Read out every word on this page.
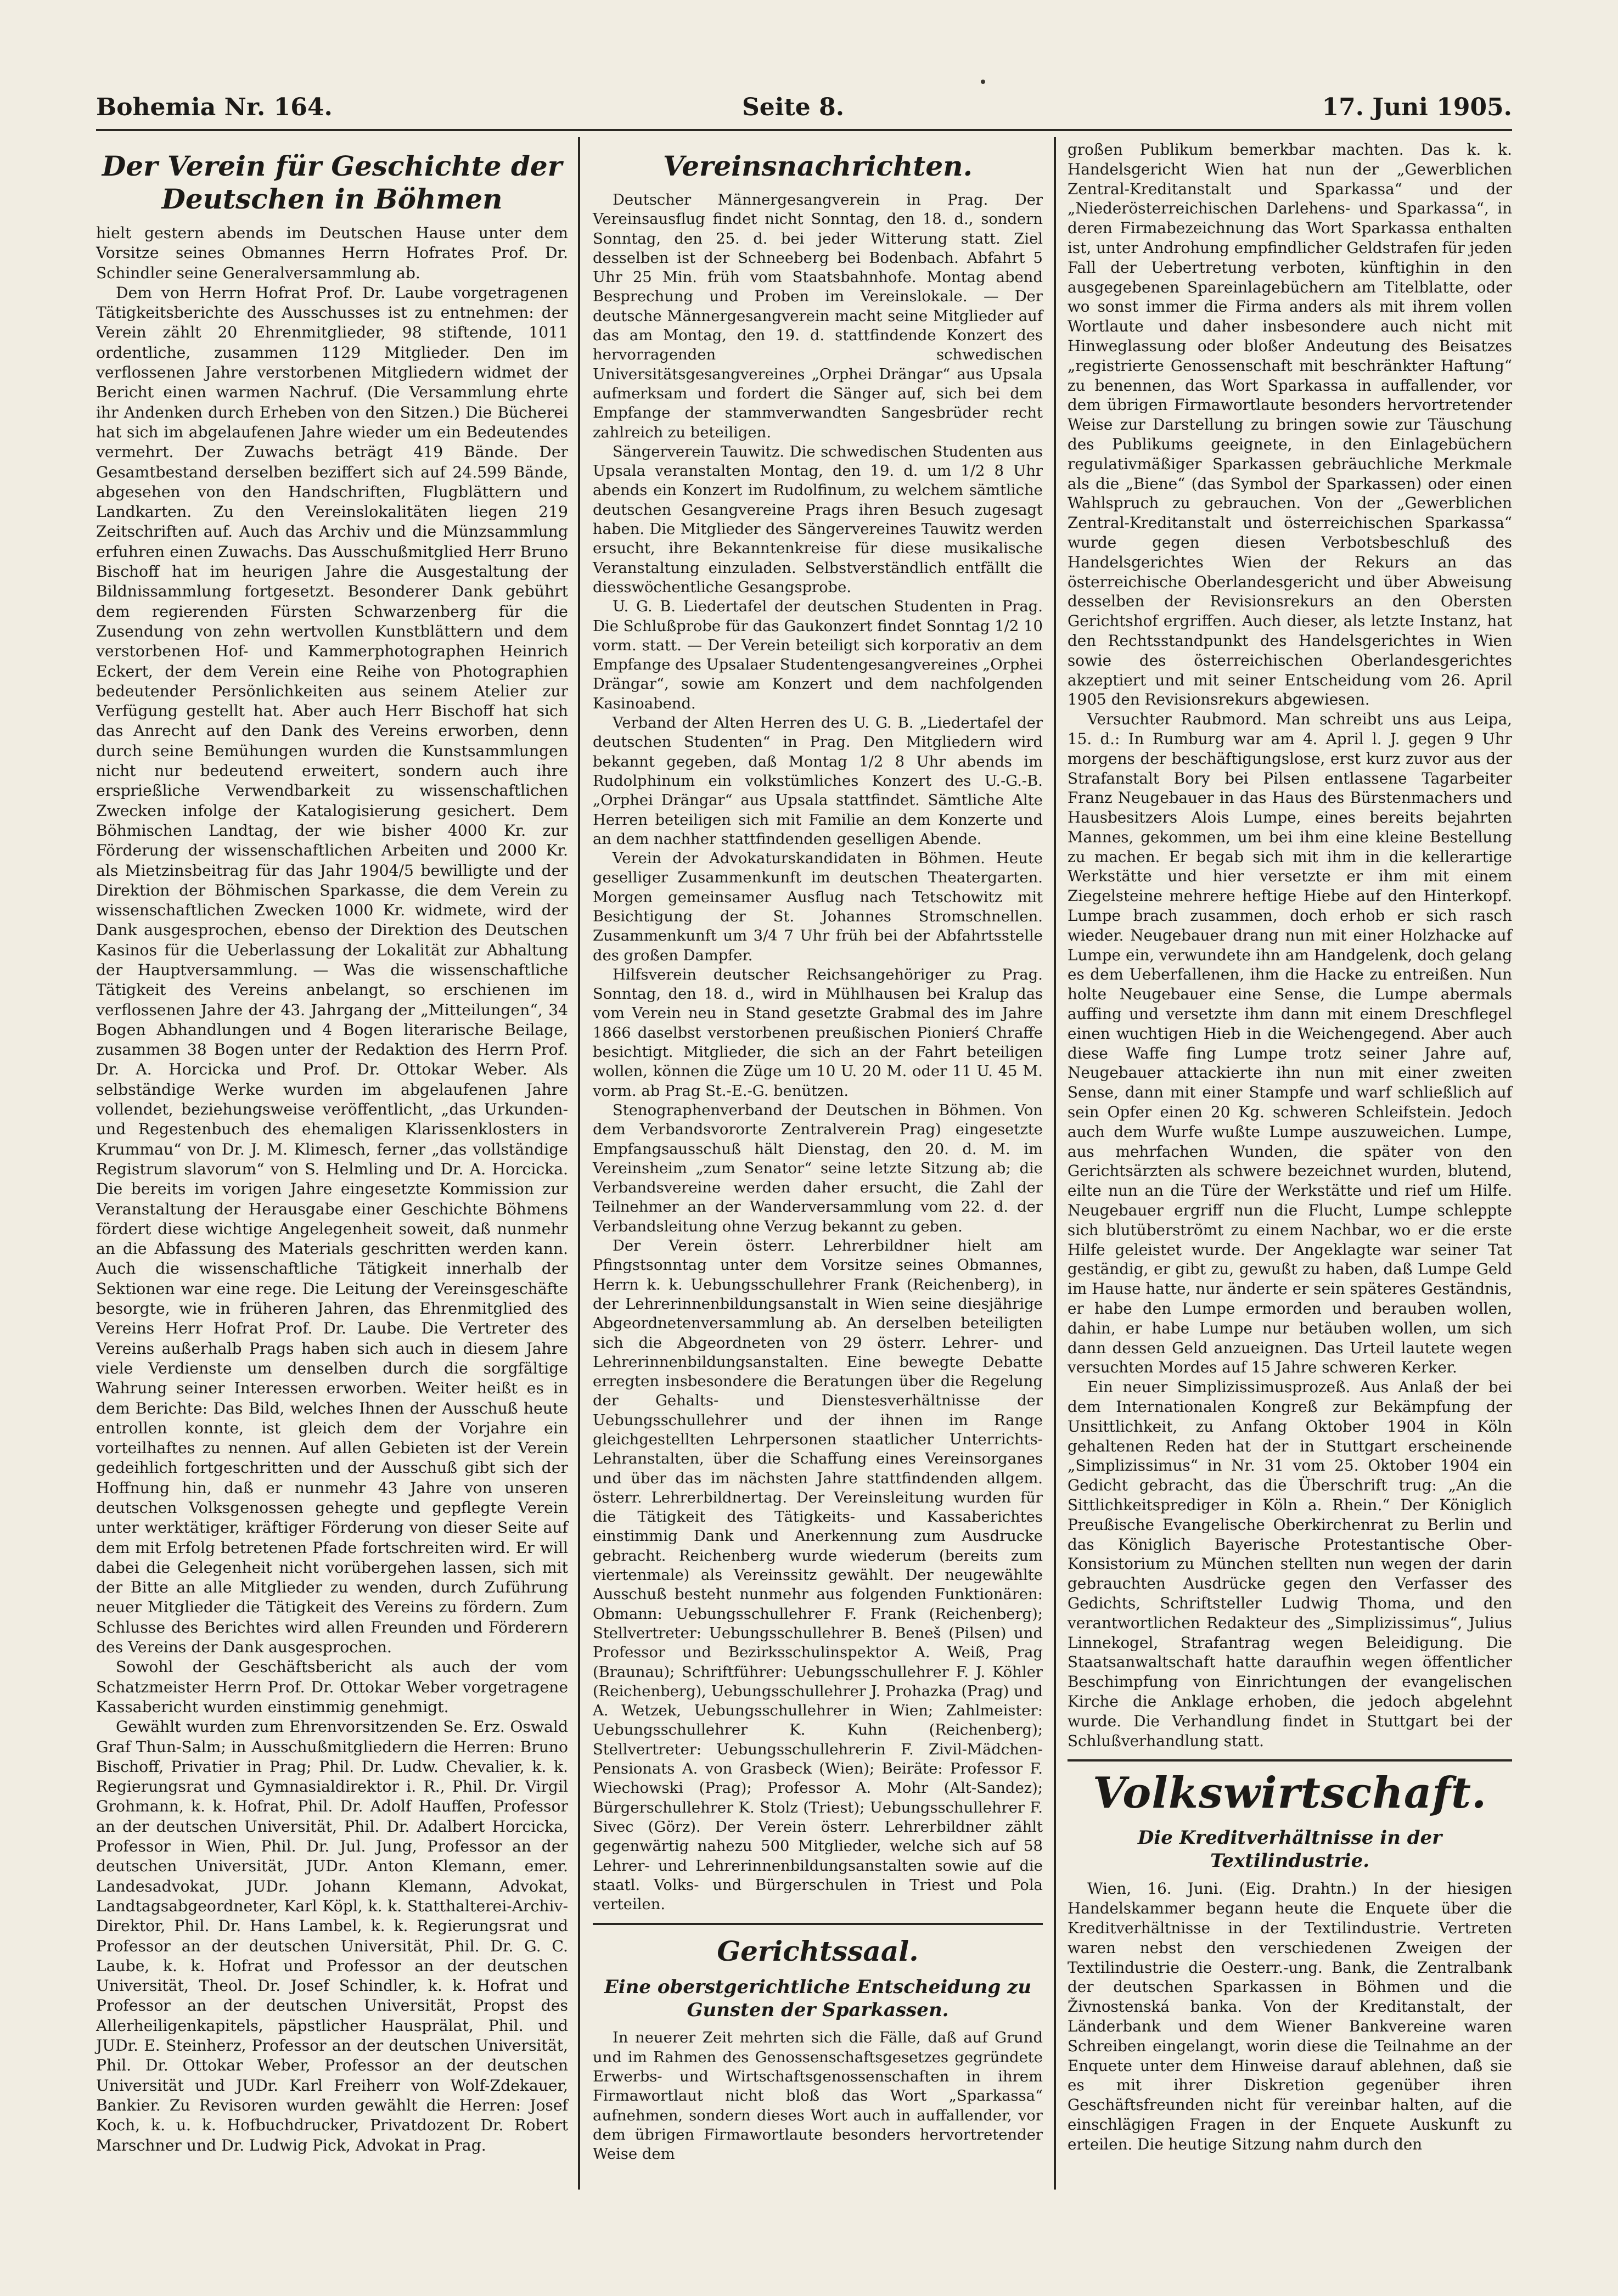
Bohemia Nr. 164.	Seite 8.	17. Juni 1905.
Der Verein für Geschichte der Deutschen in Böhmen

hielt gestern abends im Deutschen Hause unter dem Vorsitze seines Obmannes Herrn Hofrates Prof. Dr. Schindler seine Generalversammlung ab.

Dem von Herrn Hofrat Prof. Dr. Laube vorgetragenen Tätigkeitsberichte des Ausschusses ist zu entnehmen: der Verein zählt 20 Ehrenmitglieder, 98 stiftende, 1011 ordentliche, zusammen 1129 Mitglieder. Den im verflossenen Jahre verstorbenen Mitgliedern widmet der Bericht einen warmen Nachruf. (Die Versammlung ehrte ihr Andenken durch Erheben von den Sitzen.) Die Bücherei hat sich im abgelaufenen Jahre wieder um ein Bedeutendes vermehrt. Der Zuwachs beträgt 419 Bände. Der Gesamtbestand derselben beziffert sich auf 24.599 Bände, abgesehen von den Handschriften, Flugblättern und Landkarten. Zu den Vereinslokalitäten liegen 219 Zeitschriften auf. Auch das Archiv und die Münzsammlung erfuhren einen Zuwachs. Das Ausschußmitglied Herr Bruno Bischoff hat im heurigen Jahre die Ausgestaltung der Bildnissammlung fortgesetzt. Besonderer Dank gebührt dem regierenden Fürsten Schwarzenberg für die Zusendung von zehn wertvollen Kunstblättern und dem verstorbenen Hof- und Kammerphotographen Heinrich Eckert, der dem Verein eine Reihe von Photographien bedeutender Persönlichkeiten aus seinem Atelier zur Verfügung gestellt hat. Aber auch Herr Bischoff hat sich das Anrecht auf den Dank des Vereins erworben, denn durch seine Bemühungen wurden die Kunstsammlungen nicht nur bedeutend erweitert, sondern auch ihre ersprießliche Verwendbarkeit zu wissenschaftlichen Zwecken infolge der Katalogisierung gesichert. Dem Böhmischen Landtag, der wie bisher 4000 Kr. zur Förderung der wissenschaftlichen Arbeiten und 2000 Kr. als Mietzinsbeitrag für das Jahr 1904/5 bewilligte und der Direktion der Böhmischen Sparkasse, die dem Verein zu wissenschaftlichen Zwecken 1000 Kr. widmete, wird der Dank ausgesprochen, ebenso der Direktion des Deutschen Kasinos für die Ueberlassung der Lokalität zur Abhaltung der Hauptversammlung. — Was die wissenschaftliche Tätigkeit des Vereins anbelangt, so erschienen im verflossenen Jahre der 43. Jahrgang der „Mitteilungen“, 34 Bogen Abhandlungen und 4 Bogen literarische Beilage, zusammen 38 Bogen unter der Redaktion des Herrn Prof. Dr. A. Horcicka und Prof. Dr. Ottokar Weber. Als selbständige Werke wurden im abgelaufenen Jahre vollendet, beziehungsweise veröffentlicht, „das Urkunden- und Regestenbuch des ehemaligen Klarissenklosters in Krummau“ von Dr. J. M. Klimesch, ferner „das vollständige Registrum slavorum“ von S. Helmling und Dr. A. Horcicka. Die bereits im vorigen Jahre eingesetzte Kommission zur Veranstaltung der Herausgabe einer Geschichte Böhmens fördert diese wichtige Angelegenheit soweit, daß nunmehr an die Abfassung des Materials geschritten werden kann. Auch die wissenschaftliche Tätigkeit innerhalb der Sektionen war eine rege. Die Leitung der Vereinsgeschäfte besorgte, wie in früheren Jahren, das Ehrenmitglied des Vereins Herr Hofrat Prof. Dr. Laube. Die Vertreter des Vereins außerhalb Prags haben sich auch in diesem Jahre viele Verdienste um denselben durch die sorgfältige Wahrung seiner Interessen erworben. Weiter heißt es in dem Berichte: Das Bild, welches Ihnen der Ausschuß heute entrollen konnte, ist gleich dem der Vorjahre ein vorteilhaftes zu nennen. Auf allen Gebieten ist der Verein gedeihlich fortgeschritten und der Ausschuß gibt sich der Hoffnung hin, daß er nunmehr 43 Jahre von unseren deutschen Volksgenossen gehegte und gepflegte Verein unter werktätiger, kräftiger Förderung von dieser Seite auf dem mit Erfolg betretenen Pfade fortschreiten wird. Er will dabei die Gelegenheit nicht vorübergehen lassen, sich mit der Bitte an alle Mitglieder zu wenden, durch Zuführung neuer Mitglieder die Tätigkeit des Vereins zu fördern. Zum Schlusse des Berichtes wird allen Freunden und Förderern des Vereins der Dank ausgesprochen.

Sowohl der Geschäftsbericht als auch der vom Schatzmeister Herrn Prof. Dr. Ottokar Weber vorgetragene Kassabericht wurden einstimmig genehmigt.

Gewählt wurden zum Ehrenvorsitzenden Se. Erz. Oswald Graf Thun-Salm; in Ausschußmitgliedern die Herren: Bruno Bischoff, Privatier in Prag; Phil. Dr. Ludw. Chevalier, k. k. Regierungsrat und Gymnasialdirektor i. R., Phil. Dr. Virgil Grohmann, k. k. Hofrat, Phil. Dr. Adolf Hauffen, Professor an der deutschen Universität, Phil. Dr. Adalbert Horcicka, Professor in Wien, Phil. Dr. Jul. Jung, Professor an der deutschen Universität, JUDr. Anton Klemann, emer. Landesadvokat, JUDr. Johann Klemann, Advokat, Landtagsabgeordneter, Karl Köpl, k. k. Statthalterei-Archiv-Direktor, Phil. Dr. Hans Lambel, k. k. Regierungsrat und Professor an der deutschen Universität, Phil. Dr. G. C. Laube, k. k. Hofrat und Professor an der deutschen Universität, Theol. Dr. Josef Schindler, k. k. Hofrat und Professor an der deutschen Universität, Propst des Allerheiligenkapitels, päpstlicher Hausprälat, Phil. und JUDr. E. Steinherz, Professor an der deutschen Universität, Phil. Dr. Ottokar Weber, Professor an der deutschen Universität und JUDr. Karl Freiherr von Wolf-Zdekauer, Bankier. Zu Revisoren wurden gewählt die Herren: Josef Koch, k. u. k. Hofbuchdrucker, Privatdozent Dr. Robert Marschner und Dr. Ludwig Pick, Advokat in Prag.

Vereinsnachrichten.

Deutscher Männergesangverein in Prag. Der Vereinsausflug findet nicht Sonntag, den 18. d., sondern Sonntag, den 25. d. bei jeder Witterung statt. Ziel desselben ist der Schneeberg bei Bodenbach. Abfahrt 5 Uhr 25 Min. früh vom Staatsbahnhofe. Montag abend Besprechung und Proben im Vereinslokale. — Der deutsche Männergesangverein macht seine Mitglieder auf das am Montag, den 19. d. stattfindende Konzert des hervorragenden schwedischen Universitätsgesangvereines „Orphei Drängar“ aus Upsala aufmerksam und fordert die Sänger auf, sich bei dem Empfange der stammverwandten Sangesbrüder recht zahlreich zu beteiligen.

Sängerverein Tauwitz. Die schwedischen Studenten aus Upsala veranstalten Montag, den 19. d. um 1/2 8 Uhr abends ein Konzert im Rudolfinum, zu welchem sämtliche deutschen Gesangvereine Prags ihren Besuch zugesagt haben. Die Mitglieder des Sängervereines Tauwitz werden ersucht, ihre Bekanntenkreise für diese musikalische Veranstaltung einzuladen. Selbstverständlich entfällt die diesswöchentliche Gesangsprobe.

U. G. B. Liedertafel der deutschen Studenten in Prag. Die Schlußprobe für das Gaukonzert findet Sonntag 1/2 10 vorm. statt. — Der Verein beteiligt sich korporativ an dem Empfange des Upsalaer Studentengesangvereines „Orphei Drängar“, sowie am Konzert und dem nachfolgenden Kasinoabend.

Verband der Alten Herren des U. G. B. „Liedertafel der deutschen Studenten“ in Prag. Den Mitgliedern wird bekannt gegeben, daß Montag 1/2 8 Uhr abends im Rudolphinum ein volkstümliches Konzert des U.-G.-B. „Orphei Drängar“ aus Upsala stattfindet. Sämtliche Alte Herren beteiligen sich mit Familie an dem Konzerte und an dem nachher stattfindenden geselligen Abende.

Verein der Advokaturskandidaten in Böhmen. Heute geselliger Zusammenkunft im deutschen Theatergarten. Morgen gemeinsamer Ausflug nach Tetschowitz mit Besichtigung der St. Johannes Stromschnellen. Zusammenkunft um 3/4 7 Uhr früh bei der Abfahrtsstelle des großen Dampfer.

Hilfsverein deutscher Reichsangehöriger zu Prag. Sonntag, den 18. d., wird in Mühlhausen bei Kralup das vom Verein neu in Stand gesetzte Grabmal des im Jahre 1866 daselbst verstorbenen preußischen Pionierś Chraffe besichtigt. Mitglieder, die sich an der Fahrt beteiligen wollen, können die Züge um 10 U. 20 M. oder 11 U. 45 M. vorm. ab Prag St.-E.-G. benützen.

Stenographenverband der Deutschen in Böhmen. Von dem Verbandsvororte Zentralverein Prag) eingesetzte Empfangsausschuß hält Dienstag, den 20. d. M. im Vereinsheim „zum Senator“ seine letzte Sitzung ab; die Verbandsvereine werden daher ersucht, die Zahl der Teilnehmer an der Wanderversammlung vom 22. d. der Verbandsleitung ohne Verzug bekannt zu geben.

Der Verein österr. Lehrerbildner hielt am Pfingstsonntag unter dem Vorsitze seines Obmannes, Herrn k. k. Uebungsschullehrer Frank (Reichenberg), in der Lehrerinnenbildungsanstalt in Wien seine diesjährige Abgeordnetenversammlung ab. An derselben beteiligten sich die Abgeordneten von 29 österr. Lehrer- und Lehrerinnenbildungsanstalten. Eine bewegte Debatte erregten insbesondere die Beratungen über die Regelung der Gehalts- und Dienstesverhältnisse der Uebungsschullehrer und der ihnen im Range gleichgestellten Lehrpersonen staatlicher Unterrichts-Lehranstalten, über die Schaffung eines Vereinsorganes und über das im nächsten Jahre stattfindenden allgem. österr. Lehrerbildnertag. Der Vereinsleitung wurden für die Tätigkeit des Tätigkeits- und Kassaberichtes einstimmig Dank und Anerkennung zum Ausdrucke gebracht. Reichenberg wurde wiederum (bereits zum viertenmale) als Vereinssitz gewählt. Der neugewählte Ausschuß besteht nunmehr aus folgenden Funktionären: Obmann: Uebungsschullehrer F. Frank (Reichenberg); Stellvertreter: Uebungsschullehrer B. Beneš (Pilsen) und Professor und Bezirksschulinspektor A. Weiß, Prag (Braunau); Schriftführer: Uebungsschullehrer F. J. Köhler (Reichenberg), Uebungsschullehrer J. Prohazka (Prag) und A. Wetzek, Uebungsschullehrer in Wien; Zahlmeister: Uebungsschullehrer K. Kuhn (Reichenberg); Stellvertreter: Uebungsschullehrerin F. Zivil-Mädchen-Pensionats A. von Grasbeck (Wien); Beiräte: Professor F. Wiechowski (Prag); Professor A. Mohr (Alt-Sandez); Bürgerschullehrer K. Stolz (Triest); Uebungsschullehrer F. Sivec (Görz). Der Verein österr. Lehrerbildner zählt gegenwärtig nahezu 500 Mitglieder, welche sich auf 58 Lehrer- und Lehrerinnenbildungsanstalten sowie auf die staatl. Volks- und Bürgerschulen in Triest und Pola verteilen.

Gerichtssaal.
Eine oberstgerichtliche Entscheidung zu Gunsten der Sparkassen.

In neuerer Zeit mehrten sich die Fälle, daß auf Grund und im Rahmen des Genossenschaftsgesetzes gegründete Erwerbs- und Wirtschaftsgenossenschaften in ihrem Firmawortlaut nicht bloß das Wort „Sparkassa“ aufnehmen, sondern dieses Wort auch in auffallender, vor dem übrigen Firmawortlaute besonders hervortretender Weise dem

großen Publikum bemerkbar machten. Das k. k. Handelsgericht Wien hat nun der „Gewerblichen Zentral-Kreditanstalt und Sparkassa“ und der „Niederösterreichischen Darlehens- und Sparkassa“, in deren Firmabezeichnung das Wort Sparkassa enthalten ist, unter Androhung empfindlicher Geldstrafen für jeden Fall der Uebertretung verboten, künftighin in den ausgegebenen Spareinlagebüchern am Titelblatte, oder wo sonst immer die Firma anders als mit ihrem vollen Wortlaute und daher insbesondere auch nicht mit Hinweglassung oder bloßer Andeutung des Beisatzes „registrierte Genossenschaft mit beschränkter Haftung“ zu benennen, das Wort Sparkassa in auffallender, vor dem übrigen Firmawortlaute besonders hervortretender Weise zur Darstellung zu bringen sowie zur Täuschung des Publikums geeignete, in den Einlagebüchern regulativmäßiger Sparkassen gebräuchliche Merkmale als die „Biene“ (das Symbol der Sparkassen) oder einen Wahlspruch zu gebrauchen. Von der „Gewerblichen Zentral-Kreditanstalt und österreichischen Sparkassa“ wurde gegen diesen Verbotsbeschluß des Handelsgerichtes Wien der Rekurs an das österreichische Oberlandesgericht und über Abweisung desselben der Revisionsrekurs an den Obersten Gerichtshof ergriffen. Auch dieser, als letzte Instanz, hat den Rechtsstandpunkt des Handelsgerichtes in Wien sowie des österreichischen Oberlandesgerichtes akzeptiert und mit seiner Entscheidung vom 26. April 1905 den Revisionsrekurs abgewiesen.

Versuchter Raubmord. Man schreibt uns aus Leipa, 15. d.: In Rumburg war am 4. April l. J. gegen 9 Uhr morgens der beschäftigungslose, erst kurz zuvor aus der Strafanstalt Bory bei Pilsen entlassene Tagarbeiter Franz Neugebauer in das Haus des Bürstenmachers und Hausbesitzers Alois Lumpe, eines bereits bejahrten Mannes, gekommen, um bei ihm eine kleine Bestellung zu machen. Er begab sich mit ihm in die kellerartige Werkstätte und hier versetzte er ihm mit einem Ziegelsteine mehrere heftige Hiebe auf den Hinterkopf. Lumpe brach zusammen, doch erhob er sich rasch wieder. Neugebauer drang nun mit einer Holzhacke auf Lumpe ein, verwundete ihn am Handgelenk, doch gelang es dem Ueberfallenen, ihm die Hacke zu entreißen. Nun holte Neugebauer eine Sense, die Lumpe abermals auffing und versetzte ihm dann mit einem Dreschflegel einen wuchtigen Hieb in die Weichengegend. Aber auch diese Waffe fing Lumpe trotz seiner Jahre auf, Neugebauer attackierte ihn nun mit einer zweiten Sense, dann mit einer Stampfe und warf schließlich auf sein Opfer einen 20 Kg. schweren Schleifstein. Jedoch auch dem Wurfe wußte Lumpe auszuweichen. Lumpe, aus mehrfachen Wunden, die später von den Gerichtsärzten als schwere bezeichnet wurden, blutend, eilte nun an die Türe der Werkstätte und rief um Hilfe. Neugebauer ergriff nun die Flucht, Lumpe schleppte sich blutüberströmt zu einem Nachbar, wo er die erste Hilfe geleistet wurde. Der Angeklagte war seiner Tat geständig, er gibt zu, gewußt zu haben, daß Lumpe Geld im Hause hatte, nur änderte er sein späteres Geständnis, er habe den Lumpe ermorden und berauben wollen, dahin, er habe Lumpe nur betäuben wollen, um sich dann dessen Geld anzueignen. Das Urteil lautete wegen versuchten Mordes auf 15 Jahre schweren Kerker.

Ein neuer Simplizissimusprozeß. Aus Anlaß der bei dem Internationalen Kongreß zur Bekämpfung der Unsittlichkeit, zu Anfang Oktober 1904 in Köln gehaltenen Reden hat der in Stuttgart erscheinende „Simplizissimus“ in Nr. 31 vom 25. Oktober 1904 ein Gedicht gebracht, das die Überschrift trug: „An die Sittlichkeitsprediger in Köln a. Rhein.“ Der Königlich Preußische Evangelische Oberkirchenrat zu Berlin und das Königlich Bayerische Protestantische Ober-Konsistorium zu München stellten nun wegen der darin gebrauchten Ausdrücke gegen den Verfasser des Gedichts, Schriftsteller Ludwig Thoma, und den verantwortlichen Redakteur des „Simplizissimus“, Julius Linnekogel, Strafantrag wegen Beleidigung. Die Staatsanwaltschaft hatte daraufhin wegen öffentlicher Beschimpfung von Einrichtungen der evangelischen Kirche die Anklage erhoben, die jedoch abgelehnt wurde. Die Verhandlung findet in Stuttgart bei der Schlußverhandlung statt.

Volkswirtschaft.
Die Kreditverhältnisse in der Textilindustrie.

Wien, 16. Juni. (Eig. Drahtn.) In der hiesigen Handelskammer begann heute die Enquete über die Kreditverhältnisse in der Textilindustrie. Vertreten waren nebst den verschiedenen Zweigen der Textilindustrie die Oesterr.-ung. Bank, die Zentralbank der deutschen Sparkassen in Böhmen und die Živnostenská banka. Von der Kreditanstalt, der Länderbank und dem Wiener Bankvereine waren Schreiben eingelangt, worin diese die Teilnahme an der Enquete unter dem Hinweise darauf ablehnen, daß sie es mit ihrer Diskretion gegenüber ihren Geschäftsfreunden nicht für vereinbar halten, auf die einschlägigen Fragen in der Enquete Auskunft zu erteilen. Die heutige Sitzung nahm durch den
